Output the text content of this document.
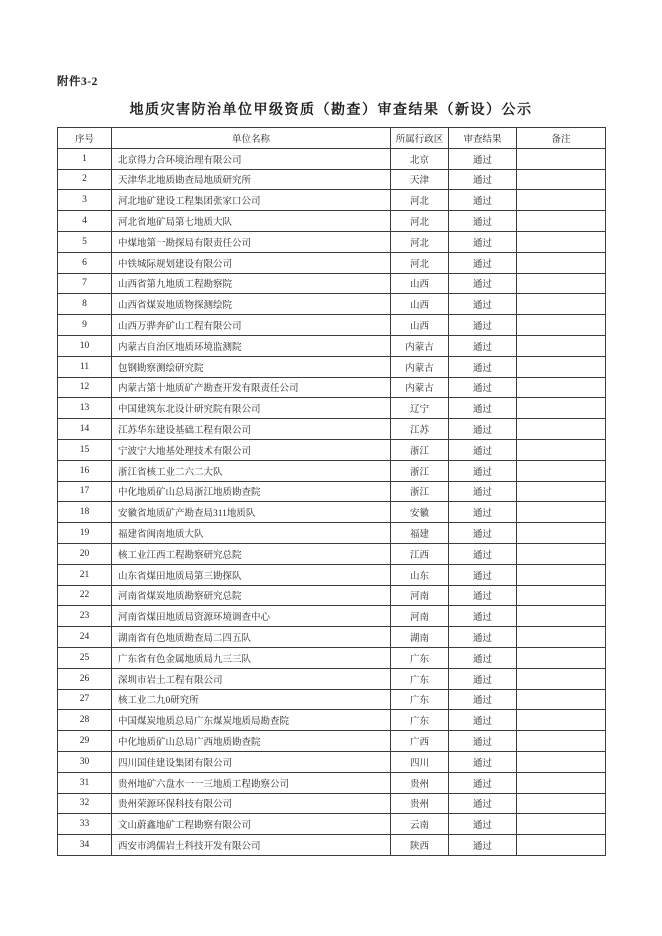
附件3-2
地质灾害防治单位甲级资质（勘查）审查结果（新设）公示
序号	单位名称	所属行政区	审查结果	备注
1	北京得力合环境治理有限公司	北京	通过	
2	天津华北地质勘查局地质研究所	天津	通过	
3	河北地矿建设工程集团张家口公司	河北	通过	
4	河北省地矿局第七地质大队	河北	通过	
5	中煤地第一勘探局有限责任公司	河北	通过	
6	中铁城际规划建设有限公司	河北	通过	
7	山西省第九地质工程勘察院	山西	通过	
8	山西省煤炭地质物探测绘院	山西	通过	
9	山西万骅奔矿山工程有限公司	山西	通过	
10	内蒙古自治区地质环境监测院	内蒙古	通过	
11	包钢勘察测绘研究院	内蒙古	通过	
12	内蒙古第十地质矿产勘查开发有限责任公司	内蒙古	通过	
13	中国建筑东北设计研究院有限公司	辽宁	通过	
14	江苏华东建设基础工程有限公司	江苏	通过	
15	宁波宁大地基处理技术有限公司	浙江	通过	
16	浙江省核工业二六二大队	浙江	通过	
17	中化地质矿山总局浙江地质勘查院	浙江	通过	
18	安徽省地质矿产勘查局311地质队	安徽	通过	
19	福建省闽南地质大队	福建	通过	
20	核工业江西工程勘察研究总院	江西	通过	
21	山东省煤田地质局第三勘探队	山东	通过	
22	河南省煤炭地质勘察研究总院	河南	通过	
23	河南省煤田地质局资源环境调查中心	河南	通过	
24	湖南省有色地质勘查局二四五队	湖南	通过	
25	广东省有色金属地质局九三三队	广东	通过	
26	深圳市岩土工程有限公司	广东	通过	
27	核工业二九0研究所	广东	通过	
28	中国煤炭地质总局广东煤炭地质局勘查院	广东	通过	
29	中化地质矿山总局广西地质勘查院	广西	通过	
30	四川国佳建设集团有限公司	四川	通过	
31	贵州地矿六盘水一一三地质工程勘察公司	贵州	通过	
32	贵州荣源环保科技有限公司	贵州	通过	
33	文山蔚鑫地矿工程勘察有限公司	云南	通过	
34	西安市鸿儒岩土科技开发有限公司	陕西	通过	
